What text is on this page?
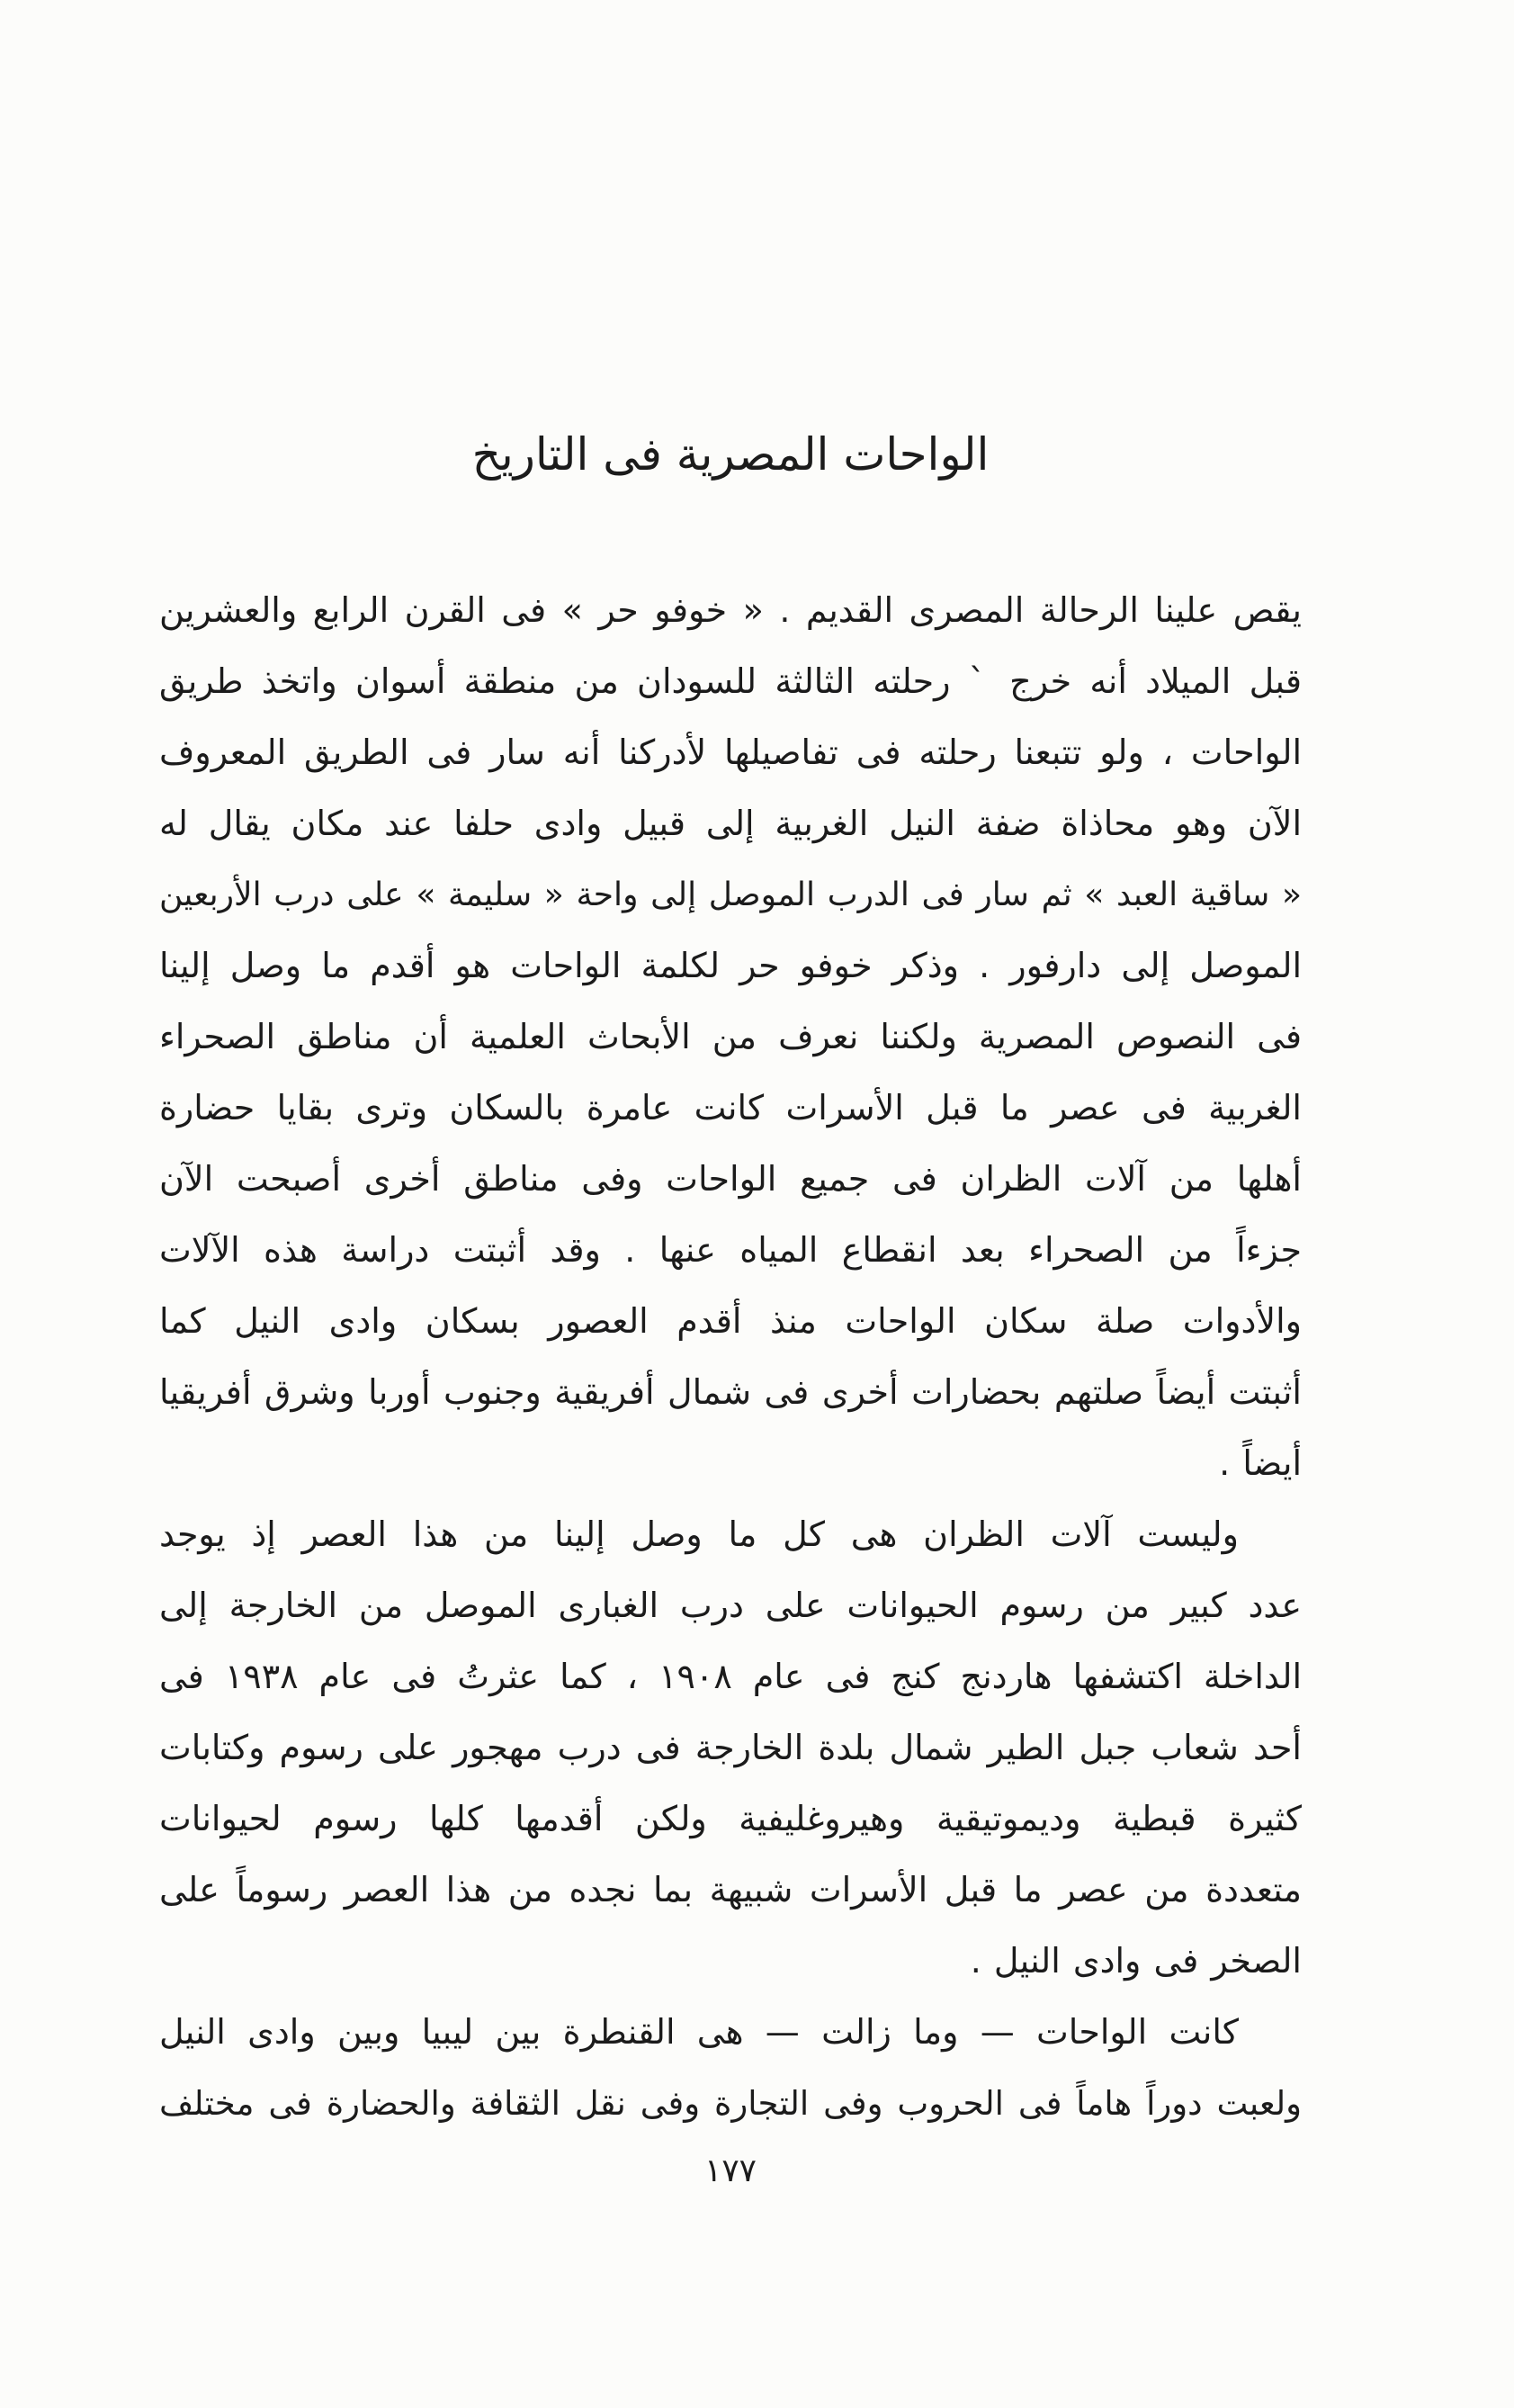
الواحات المصرية فى التاريخ
يقص علينا الرحالة المصرى القديم . « خوفو حر » فى القرن الرابع والعشرين
قبل الميلاد أنه خرج ˋ رحلته الثالثة للسودان من منطقة أسوان واتخذ طريق
الواحات ، ولو تتبعنا رحلته فى تفاصيلها لأدركنا أنه سار فى الطريق المعروف
الآن وهو محاذاة ضفة النيل الغربية إلى قبيل وادى حلفا عند مكان يقال له
« ساقية العبد » ثم سار فى الدرب الموصل إلى واحة « سليمة » على درب الأربعين
الموصل إلى دارفور . وذكر خوفو حر لكلمة الواحات هو أقدم ما وصل إلينا
فى النصوص المصرية ولكننا نعرف من الأبحاث العلمية أن مناطق الصحراء
الغربية فى عصر ما قبل الأسرات كانت عامرة بالسكان وترى بقايا حضارة
أهلها من آلات الظران فى جميع الواحات وفى مناطق أخرى أصبحت الآن
جزءاً من الصحراء بعد انقطاع المياه عنها . وقد أثبتت دراسة هذه الآلات
والأدوات صلة سكان الواحات منذ أقدم العصور بسكان وادى النيل كما
أثبتت أيضاً صلتهم بحضارات أخرى فى شمال أفريقية وجنوب أوربا وشرق أفريقيا
أيضاً .
وليست آلات الظران هى كل ما وصل إلينا من هذا العصر إذ يوجد
عدد كبير من رسوم الحيوانات على درب الغبارى الموصل من الخارجة إلى
الداخلة اكتشفها هاردنج كنج فى عام ١٩٠٨ ، كما عثرتُ فى عام ١٩٣٨ فى
أحد شعاب جبل الطير شمال بلدة الخارجة فى درب مهجور على رسوم وكتابات
كثيرة قبطية وديموتيقية وهيروغليفية ولكن أقدمها كلها رسوم لحيوانات
متعددة من عصر ما قبل الأسرات شبيهة بما نجده من هذا العصر رسوماً على
الصخر فى وادى النيل .
كانت الواحات — وما زالت — هى القنطرة بين ليبيا وبين وادى النيل
ولعبت دوراً هاماً فى الحروب وفى التجارة وفى نقل الثقافة والحضارة فى مختلف
١٧٧
